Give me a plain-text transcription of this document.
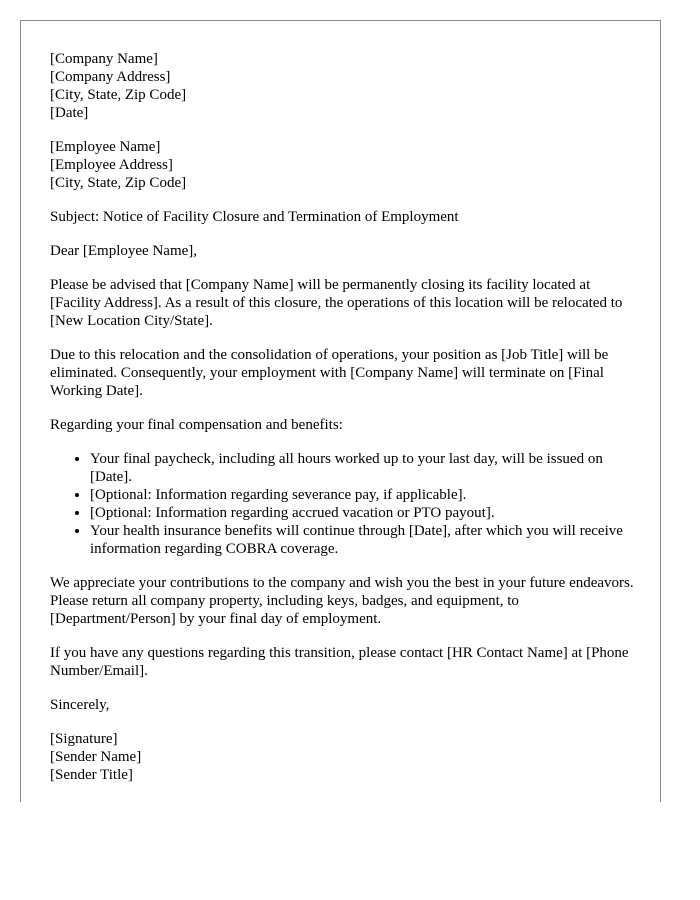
[Company Name]
[Company Address]
[City, State, Zip Code]
[Date]
[Employee Name]
[Employee Address]
[City, State, Zip Code]

Subject: Notice of Facility Closure and Termination of Employment

Dear [Employee Name],

Please be advised that [Company Name] will be permanently closing its facility located at [Facility Address]. As a result of this closure, the operations of this location will be relocated to [New Location City/State].

Due to this relocation and the consolidation of operations, your position as [Job Title] will be eliminated. Consequently, your employment with [Company Name] will terminate on [Final Working Date].

Regarding your final compensation and benefits:

• Your final paycheck, including all hours worked up to your last day, will be issued on [Date].
• [Optional: Information regarding severance pay, if applicable].
• [Optional: Information regarding accrued vacation or PTO payout].
• Your health insurance benefits will continue through [Date], after which you will receive information regarding COBRA coverage.

We appreciate your contributions to the company and wish you the best in your future endeavors. Please return all company property, including keys, badges, and equipment, to [Department/Person] by your final day of employment.

If you have any questions regarding this transition, please contact [HR Contact Name] at [Phone Number/Email].

Sincerely,

[Signature]
[Sender Name]
[Sender Title]
